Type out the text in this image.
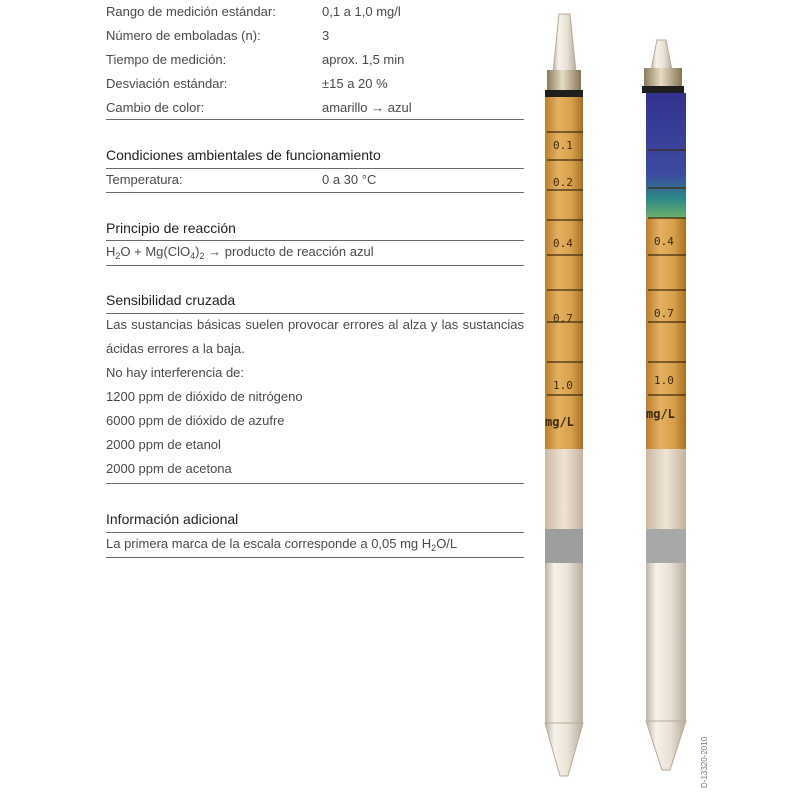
Rango de medición estándar:	0,1 a 1,0 mg/l
Número de emboladas (n):	3
Tiempo de medición:	aprox. 1,5 min
Desviación estándar:	±15 a 20 %
Cambio de color:	amarillo → azul
Condiciones ambientales de funcionamiento
Temperatura:	0 a 30 °C
Principio de reacción
$H_2O + Mg(ClO_4)_2$ → producto de reacción azul
Sensibilidad cruzada
Las sustancias básicas suelen provocar errores al alza y las sustancias ácidas errores a la baja.
No hay interferencia de:
1200 ppm de dióxido de nitrógeno
6000 ppm de dióxido de azufre
2000 ppm de etanol
2000 ppm de acetona
Información adicional
La primera marca de la escala corresponde a 0,05 mg $H_2O/L$
0.1
0.2
0.4
0.7
1.0
mg/L
0.4
0.7
1.0
mg/L
D-13320-2010
